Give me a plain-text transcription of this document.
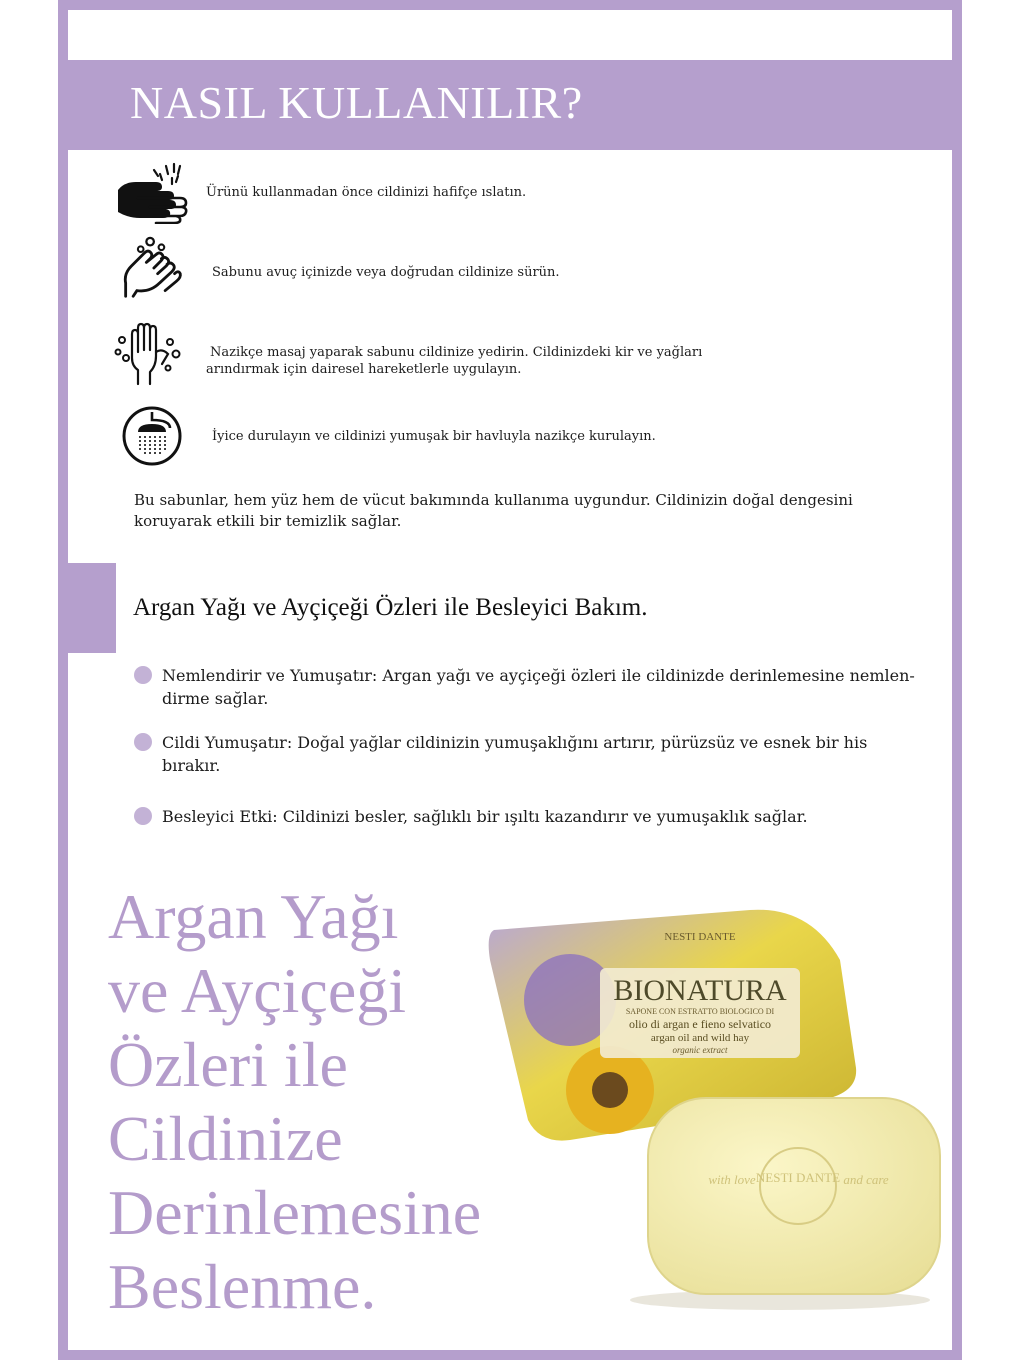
NASIL KULLANILIR?
Ürünü kullanmadan önce cildinizi hafifçe ıslatın.
Sabunu avuç içinizde veya doğrudan cildinize sürün.
Nazikçe masaj yaparak sabunu cildinize yedirin. Cildinizdeki kir ve yağları
arındırmak için dairesel hareketlerle uygulayın.
İyice durulayın ve cildinizi yumuşak bir havluyla nazikçe kurulayın.
Bu sabunlar, hem yüz hem de vücut bakımında kullanıma uygundur. Cildinizin doğal dengesini
koruyarak etkili bir temizlik sağlar.
Argan Yağı ve Ayçiçeği Özleri ile Besleyici Bakım.
Nemlendirir ve Yumuşatır: Argan yağı ve ayçiçeği özleri ile cildinizde derinlemesine nemlen-
dirme sağlar.
Cildi Yumuşatır: Doğal yağlar cildinizin yumuşaklığını artırır, pürüzsüz ve esnek bir his
bırakır.
Besleyici Etki: Cildinizi besler, sağlıklı bir ışıltı kazandırır ve yumuşaklık sağlar.
Argan Yağı
ve Ayçiçeği
Özleri ile
Cildinize
Derinlemesine
Beslenme.
NESTI DANTE
BIONATURA
SAPONE CON ESTRATTO BIOLOGICO DI
olio di argan e fieno selvatico
argan oil and wild hay
organic extract
NESTI DANTE
with love	and care
